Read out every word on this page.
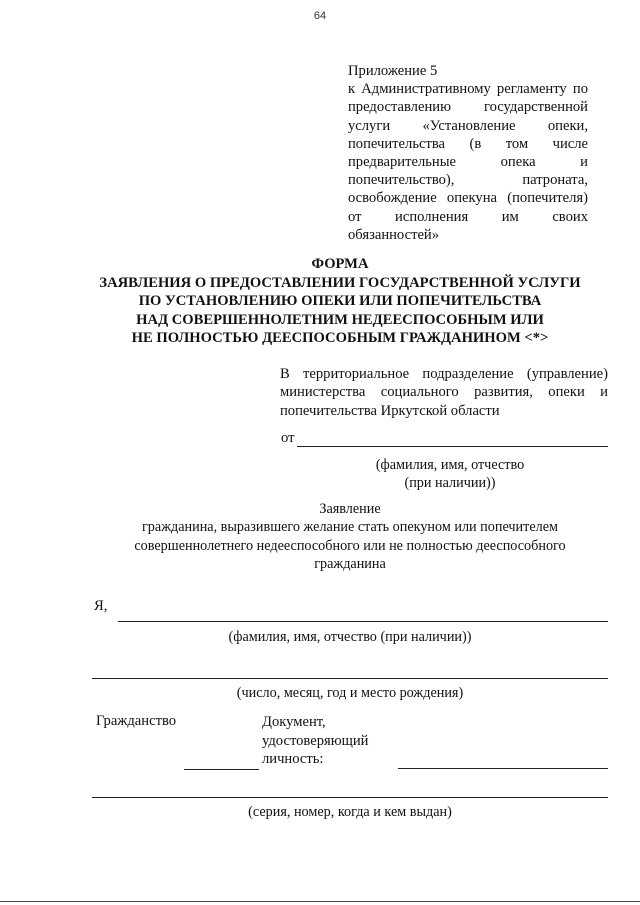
64
Приложение 5
к Административному регламенту по
предоставлению государственной
услуги «Установление опеки,
попечительства (в том числе
предварительные опека и
попечительство), патроната,
освобождение опекуна (попечителя)
от исполнения им своих
обязанностей»
ФОРМА
ЗАЯВЛЕНИЯ О ПРЕДОСТАВЛЕНИИ ГОСУДАРСТВЕННОЙ УСЛУГИ
ПО УСТАНОВЛЕНИЮ ОПЕКИ ИЛИ ПОПЕЧИТЕЛЬСТВА
НАД СОВЕРШЕННОЛЕТНИМ НЕДЕЕСПОСОБНЫМ ИЛИ
НЕ ПОЛНОСТЬЮ ДЕЕСПОСОБНЫМ ГРАЖДАНИНОМ <*>
В территориальное подразделение (управление)
министерства социального развития, опеки и
попечительства Иркутской области
от
(фамилия, имя, отчество
(при наличии))
Заявление
гражданина, выразившего желание стать опекуном или попечителем
совершеннолетнего недееспособного или не полностью дееспособного
гражданина
Я,
(фамилия, имя, отчество (при наличии))
(число, месяц, год и место рождения)
Гражданство	Документ,
удостоверяющий
личность:
(серия, номер, когда и кем выдан)
